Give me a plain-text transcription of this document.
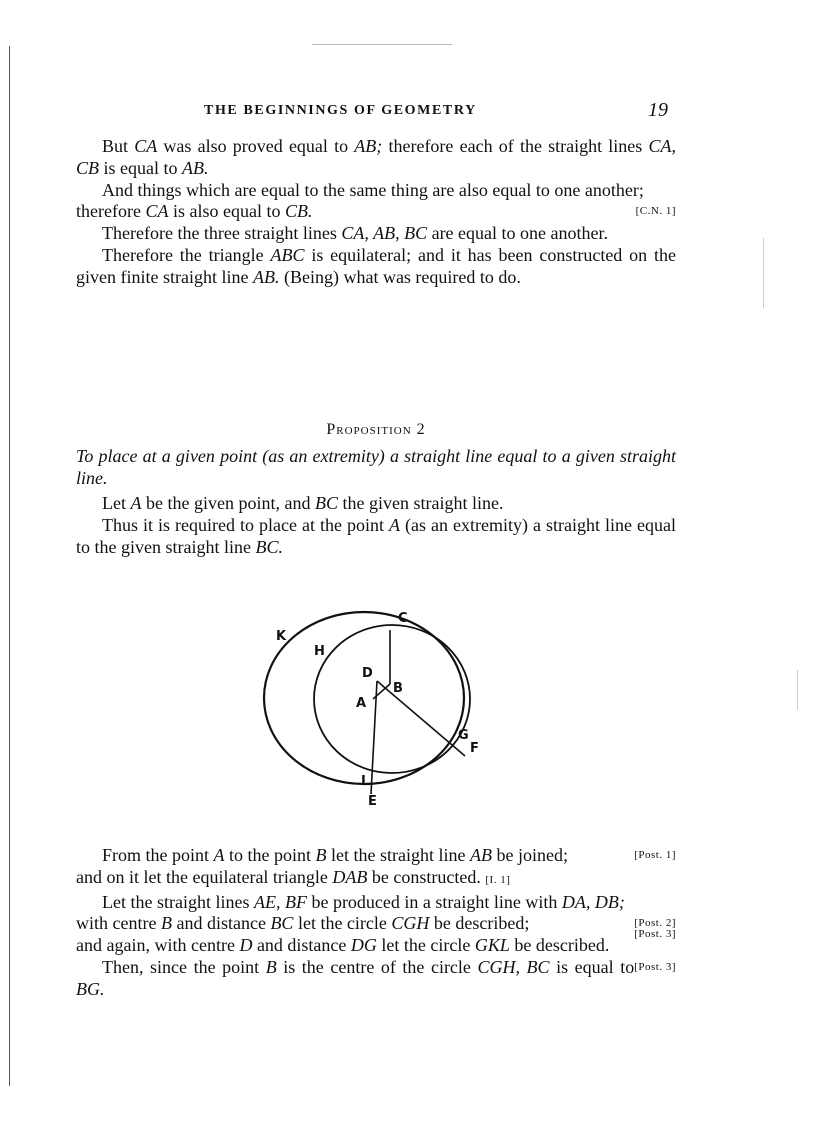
THE BEGINNINGS OF GEOMETRY	19

But CA was also proved equal to AB; therefore each of the straight lines CA, CB is equal to AB.

And things which are equal to the same thing are also equal to one another;
[C.N. 1]

therefore CA is also equal to CB.

Therefore the three straight lines CA, AB, BC are equal to one another.

Therefore the triangle ABC is equilateral; and it has been constructed on the given finite straight line AB. (Being) what was required to do.

Proposition 2

To place at a given point (as an extremity) a straight line equal to a given straight line.

Let A be the given point, and BC the given straight line.

Thus it is required to place at the point A (as an extremity) a straight line equal to the given straight line BC.

C
K
H
D
B
A
G
F
L
E

From the point A to the point B let the straight line AB be joined;	[Post. 1]

and on it let the equilateral triangle DAB be constructed. [I. 1]

Let the straight lines AE, BF be produced in a straight line with DA, DB;
[Post. 2]

with centre B and distance BC let the circle CGH be described;

[Post. 3]
and again, with centre D and distance DG let the circle GKL be described.
[Post. 3]

Then, since the point B is the centre of the circle CGH, BC is equal to BG.
